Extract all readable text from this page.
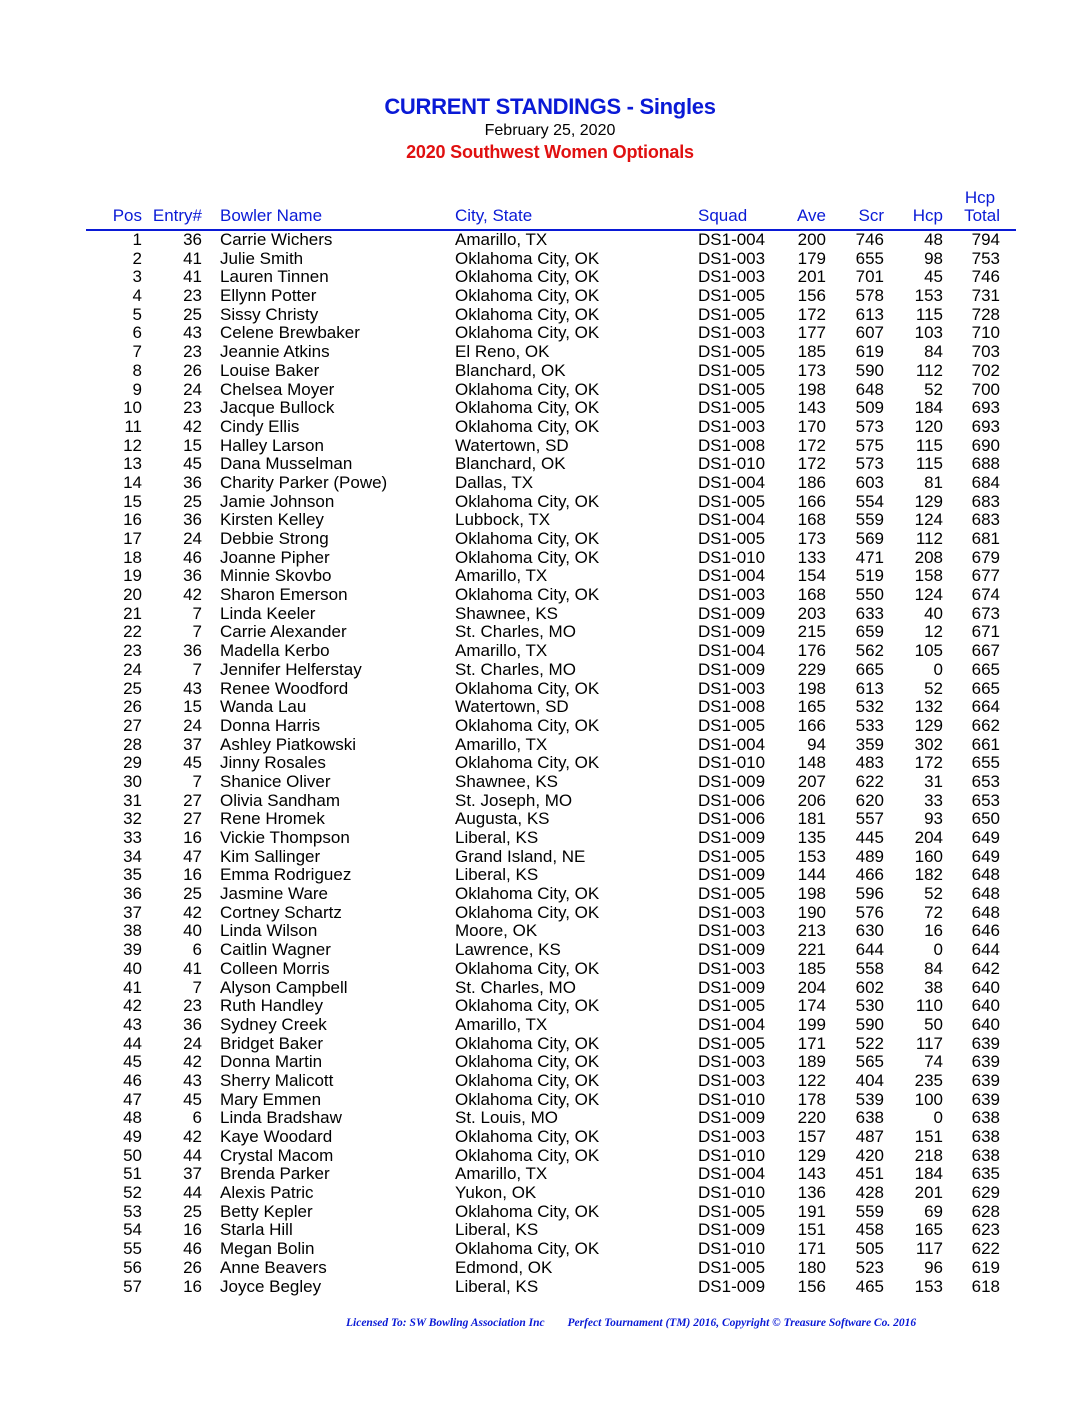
CURRENT STANDINGS - Singles
February 25, 2020
2020 Southwest Women Optionals
Hcp
Pos Entry# Bowler Name	City, State	Squad	Ave	Scr	Hcp	Total
1	36 Carrie Wichers	Amarillo, TX	DS1-004	200	746	48	794
2	41 Julie Smith	Oklahoma City, OK	DS1-003	179	655	98	753
3	41 Lauren Tinnen	Oklahoma City, OK	DS1-003	201	701	45	746
4	23 Ellynn Potter	Oklahoma City, OK	DS1-005	156	578	153	731
5	25 Sissy Christy	Oklahoma City, OK	DS1-005	172	613	115	728
6	43 Celene Brewbaker	Oklahoma City, OK	DS1-003	177	607	103	710
7	23 Jeannie Atkins	El Reno, OK	DS1-005	185	619	84	703
8	26 Louise Baker	Blanchard, OK	DS1-005	173	590	112	702
9	24 Chelsea Moyer	Oklahoma City, OK	DS1-005	198	648	52	700
10	23 Jacque Bullock	Oklahoma City, OK	DS1-005	143	509	184	693
11	42 Cindy Ellis	Oklahoma City, OK	DS1-003	170	573	120	693
12	15 Halley Larson	Watertown, SD	DS1-008	172	575	115	690
13	45 Dana Musselman	Blanchard, OK	DS1-010	172	573	115	688
14	36 Charity Parker (Powe)	Dallas, TX	DS1-004	186	603	81	684
15	25 Jamie Johnson	Oklahoma City, OK	DS1-005	166	554	129	683
16	36 Kirsten Kelley	Lubbock, TX	DS1-004	168	559	124	683
17	24 Debbie Strong	Oklahoma City, OK	DS1-005	173	569	112	681
18	46 Joanne Pipher	Oklahoma City, OK	DS1-010	133	471	208	679
19	36 Minnie Skovbo	Amarillo, TX	DS1-004	154	519	158	677
20	42 Sharon Emerson	Oklahoma City, OK	DS1-003	168	550	124	674
21	7 Linda Keeler	Shawnee, KS	DS1-009	203	633	40	673
22	7 Carrie Alexander	St. Charles, MO	DS1-009	215	659	12	671
23	36 Madella Kerbo	Amarillo, TX	DS1-004	176	562	105	667
24	7 Jennifer Helferstay	St. Charles, MO	DS1-009	229	665	0	665
25	43 Renee Woodford	Oklahoma City, OK	DS1-003	198	613	52	665
26	15 Wanda Lau	Watertown, SD	DS1-008	165	532	132	664
27	24 Donna Harris	Oklahoma City, OK	DS1-005	166	533	129	662
28	37 Ashley Piatkowski	Amarillo, TX	DS1-004	94	359	302	661
29	45 Jinny Rosales	Oklahoma City, OK	DS1-010	148	483	172	655
30	7 Shanice Oliver	Shawnee, KS	DS1-009	207	622	31	653
31	27 Olivia Sandham	St. Joseph, MO	DS1-006	206	620	33	653
32	27 Rene Hromek	Augusta, KS	DS1-006	181	557	93	650
33	16 Vickie Thompson	Liberal, KS	DS1-009	135	445	204	649
34	47 Kim Sallinger	Grand Island, NE	DS1-005	153	489	160	649
35	16 Emma Rodriguez	Liberal, KS	DS1-009	144	466	182	648
36	25 Jasmine Ware	Oklahoma City, OK	DS1-005	198	596	52	648
37	42 Cortney Schartz	Oklahoma City, OK	DS1-003	190	576	72	648
38	40 Linda Wilson	Moore, OK	DS1-003	213	630	16	646
39	6 Caitlin Wagner	Lawrence, KS	DS1-009	221	644	0	644
40	41 Colleen Morris	Oklahoma City, OK	DS1-003	185	558	84	642
41	7 Alyson Campbell	St. Charles, MO	DS1-009	204	602	38	640
42	23 Ruth Handley	Oklahoma City, OK	DS1-005	174	530	110	640
43	36 Sydney Creek	Amarillo, TX	DS1-004	199	590	50	640
44	24 Bridget Baker	Oklahoma City, OK	DS1-005	171	522	117	639
45	42 Donna Martin	Oklahoma City, OK	DS1-003	189	565	74	639
46	43 Sherry Malicott	Oklahoma City, OK	DS1-003	122	404	235	639
47	45 Mary Emmen	Oklahoma City, OK	DS1-010	178	539	100	639
48	6 Linda Bradshaw	St. Louis, MO	DS1-009	220	638	0	638
49	42 Kaye Woodard	Oklahoma City, OK	DS1-003	157	487	151	638
50	44 Crystal Macom	Oklahoma City, OK	DS1-010	129	420	218	638
51	37 Brenda Parker	Amarillo, TX	DS1-004	143	451	184	635
52	44 Alexis Patric	Yukon, OK	DS1-010	136	428	201	629
53	25 Betty Kepler	Oklahoma City, OK	DS1-005	191	559	69	628
54	16 Starla Hill	Liberal, KS	DS1-009	151	458	165	623
55	46 Megan Bolin	Oklahoma City, OK	DS1-010	171	505	117	622
56	26 Anne Beavers	Edmond, OK	DS1-005	180	523	96	619
57	16 Joyce Begley	Liberal, KS	DS1-009	156	465	153	618
Licensed To: SW Bowling Association Inc Perfect Tournament (TM) 2016, Copyright © Treasure Software Co. 2016
